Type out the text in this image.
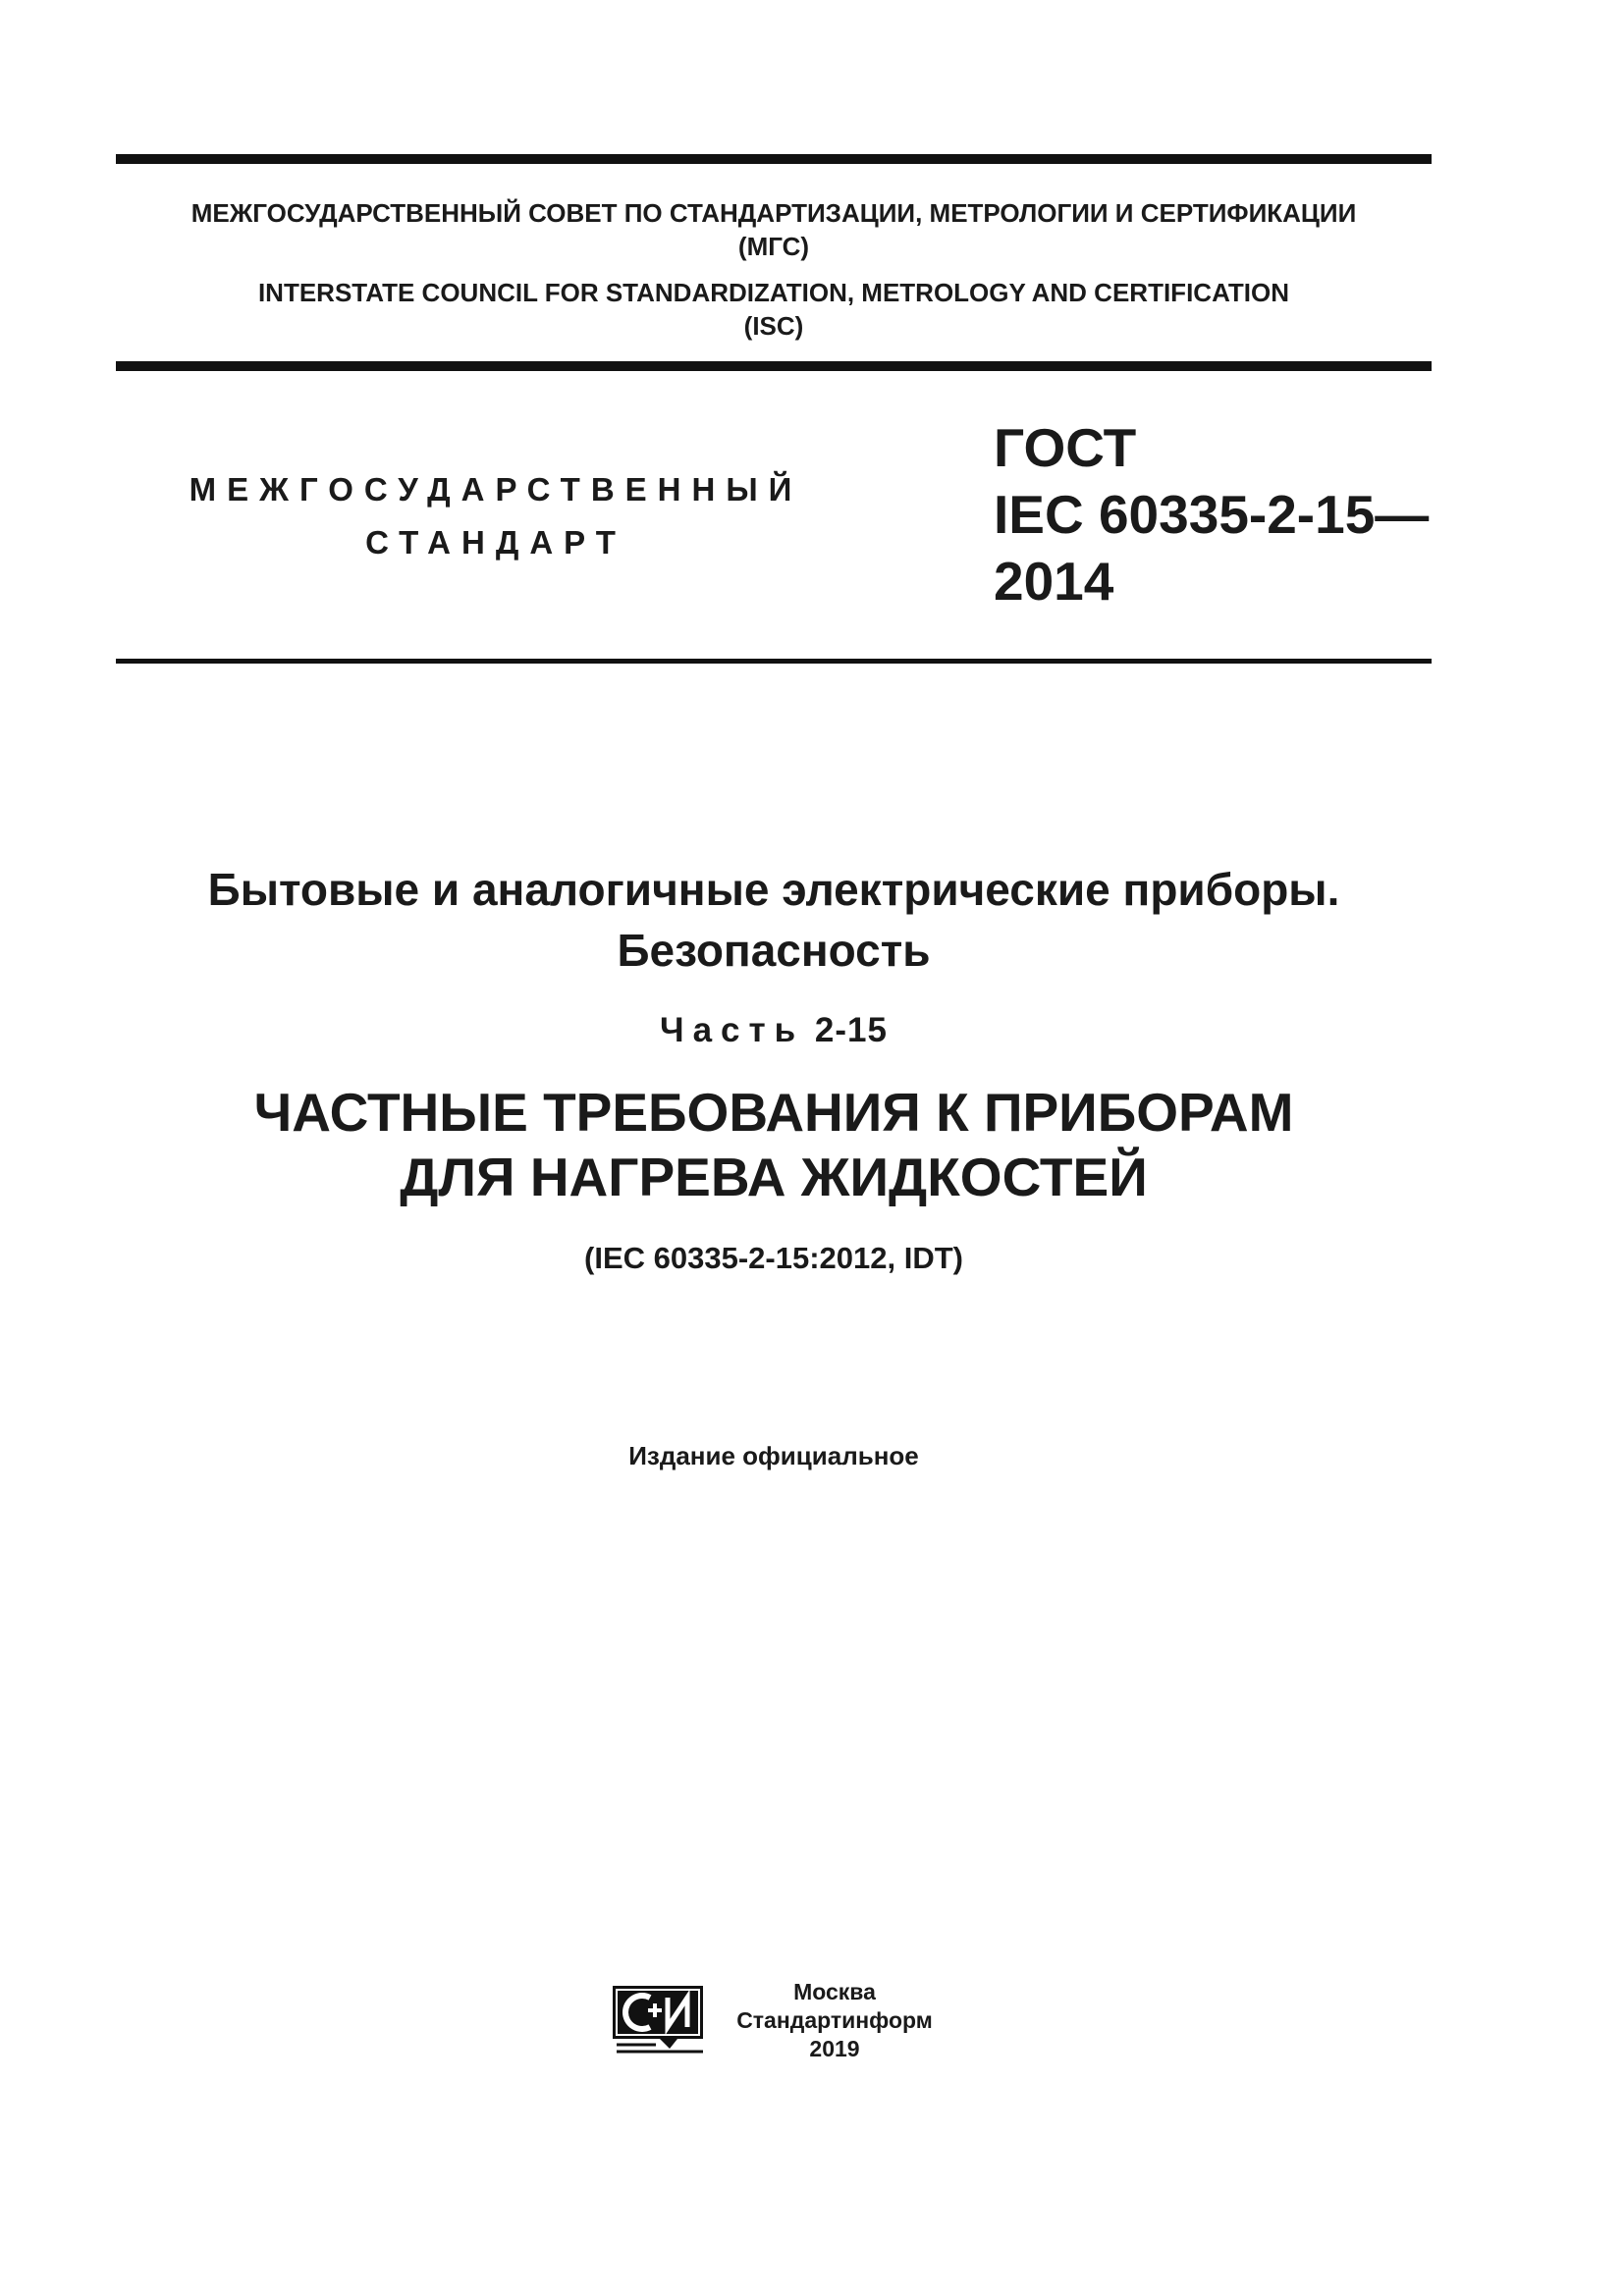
МЕЖГОСУДАРСТВЕННЫЙ СОВЕТ ПО СТАНДАРТИЗАЦИИ, МЕТРОЛОГИИ И СЕРТИФИКАЦИИ
(МГС)
INTERSTATE COUNCIL FOR STANDARDIZATION, METROLOGY AND CERTIFICATION
(ISC)
МЕЖГОСУДАРСТВЕННЫЙ
СТАНДАРТ
ГОСТ
IEC 60335-2-15—
2014
Бытовые и аналогичные электрические приборы.
Безопасность
Часть 2-15
ЧАСТНЫЕ ТРЕБОВАНИЯ К ПРИБОРАМ
ДЛЯ НАГРЕВА ЖИДКОСТЕЙ
(IEC 60335-2-15:2012, IDT)
Издание официальное
Москва
Стандартинформ
2019
